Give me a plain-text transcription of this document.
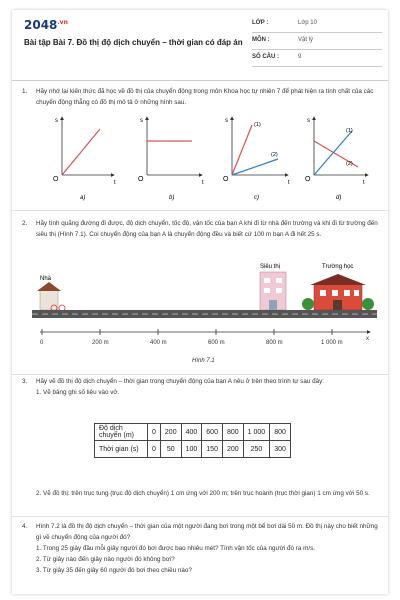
$2048^{.vn}$
Bài tập Bài 7. Đồ thị độ dịch chuyển – thời gian có đáp án
LỚP :	Lớp 10
MÔN :	Vật lý
SỐ CÂU :	9
1. Hãy nhớ lại kiến thức đã học về đồ thị của chuyển động trong môn Khoa học tự nhiên 7 để phát hiện ra tính chất của các chuyển động thẳng có đồ thị mô tả ở những hình sau.
s
t
O
a)
s
t
O
b)
s
t
O
(1)
(2)
c)
s
t
O
(1)
(2)
d)
2. Hãy tính quãng đường đi được, độ dịch chuyển, tốc độ, vận tốc của bạn A khi đi từ nhà đến trường và khi đi từ trường đến siêu thị (Hình 7.1). Coi chuyển động của bạn A là chuyển động đều và biết cứ 100 m bạn A đi hết 25 s.
Nhà
Siêu thị	Trường học
0	200 m	400 m	600 m	800 m	1 000 m
x
Hình 7.1
3. Hãy vẽ đồ thị độ dịch chuyển – thời gian trong chuyển động của bạn A nêu ở trên theo trình tự sau đây:
1. Vẽ bảng ghi số liệu vào vở.
Độ dịch chuyển (m)	0	200	400	600	800	1 000	800
Thời gian (s)	0	50	100	150	200	250	300
2. Vẽ đồ thị: trên trục tung (trục độ dịch chuyển) 1 cm ứng với 200 m; trên trục hoành (trục thời gian) 1 cm ứng với 50 s.
4. Hình 7.2 là đồ thị độ dịch chuyển – thời gian của một người đang bơi trong một bể bơi dài 50 m. Đồ thị này cho biết những gì về chuyển động của người đó?
1. Trong 25 giây đầu mỗi giây người đó bơi được bao nhiêu mét? Tính vận tốc của người đó ra m/s.
2. Từ giây nào đến giây nào người đó không bơi?
3. Từ giây 35 đến giây 60 người đó bơi theo chiều nào?
